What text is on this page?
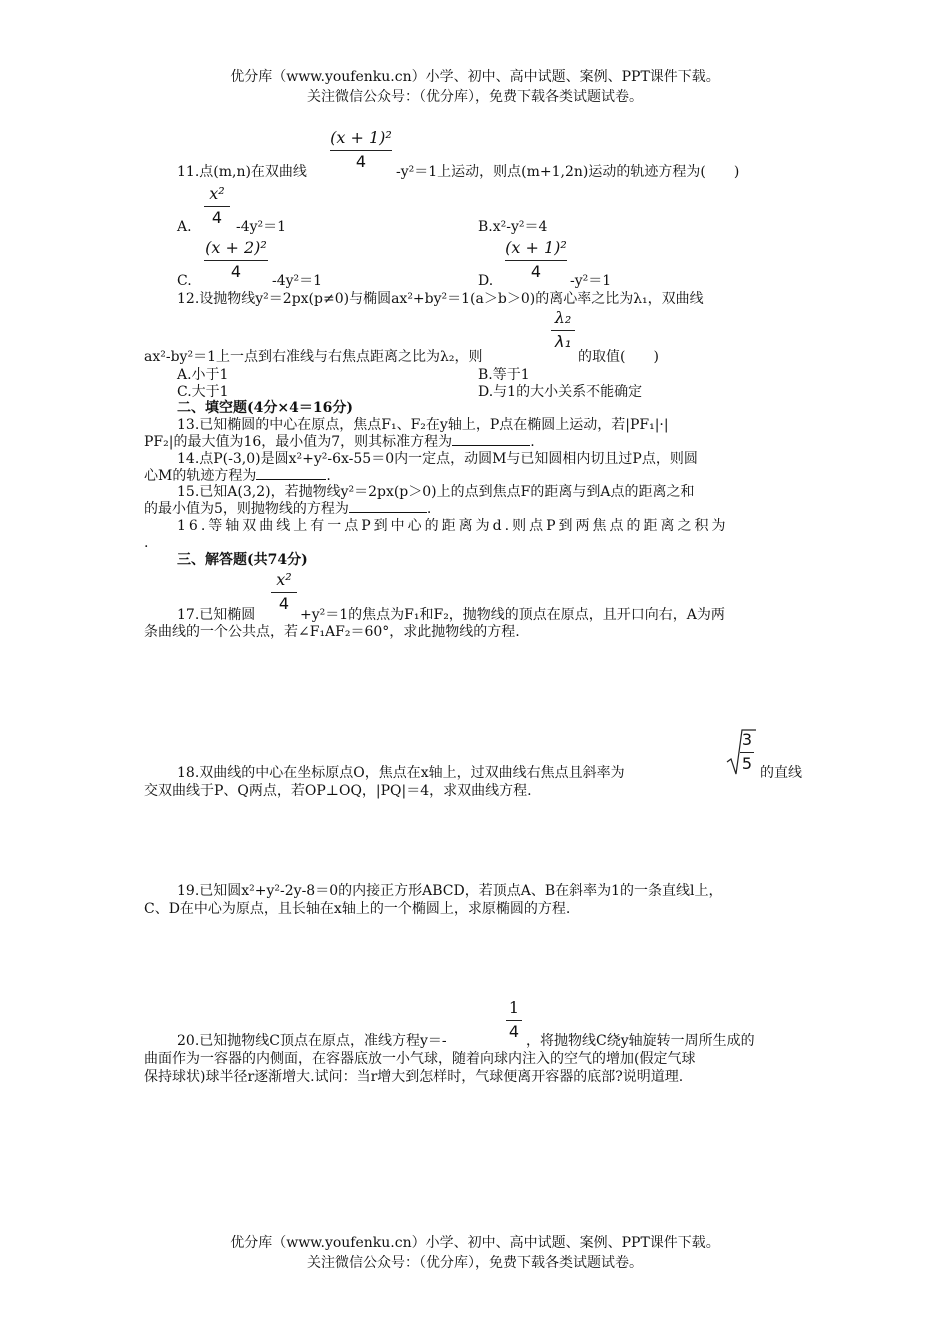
优分库（www.youfenku.cn）小学、初中、高中试题、案例、PPT课件下载。
关注微信公众号：（优分库），免费下载各类试题试卷。
(x + 1)²
4
11.点(m,n)在双曲线	-y²＝1上运动，则点(m+1,2n)运动的轨迹方程为(　　)
x²
4
A.	-4y²＝1	B.x²-y²＝4
(x + 2)²
4
C.	-4y²＝1
(x + 1)²
4
D.	-y²＝1
12.设抛物线y²＝2px(p≠0)与椭圆ax²+by²＝1(a＞b＞0)的离心率之比为λ₁，双曲线
λ₂
λ₁
ax²-by²＝1上一点到右准线与右焦点距离之比为λ₂，则	的取值(　　)
A.小于1	B.等于1
C.大于1	D.与1的大小关系不能确定
二、填空题(4分×4＝16分)
13.已知椭圆的中心在原点，焦点F₁、F₂在y轴上，P点在椭圆上运动，若|PF₁|·|
PF₂|的最大值为16，最小值为7，则其标准方程为	.
14.点P(-3,0)是圆x²+y²-6x-55＝0内一定点，动圆M与已知圆相内切且过P点，则圆
心M的轨迹方程为	.
15.已知A(3,2)，若抛物线y²＝2px(p＞0)上的点到焦点F的距离与到A点的距离之和
的最小值为5，则抛物线的方程为	.
16.等轴双曲线上有一点P到中心的距离为d.则点P到两焦点的距离之积为
.
三、解答题(共74分)
x²
4
17.已知椭圆	+y²＝1的焦点为F₁和F₂，抛物线的顶点在原点，且开口向右，A为两
条曲线的一个公共点，若∠F₁AF₂＝60°，求此抛物线的方程.
18.双曲线的中心在坐标原点O，焦点在x轴上，过双曲线右焦点且斜率为
3
5 的直线
交双曲线于P、Q两点，若OP⊥OQ，|PQ|＝4，求双曲线方程.
19.已知圆x²+y²-2y-8＝0的内接正方形ABCD，若顶点A、B在斜率为1的一条直线l上，
C、D在中心为原点，且长轴在x轴上的一个椭圆上，求原椭圆的方程.
1
4
20.已知抛物线C顶点在原点，准线方程y＝-	，将抛物线C绕y轴旋转一周所生成的
曲面作为一容器的内侧面，在容器底放一小气球，随着向球内注入的空气的增加(假定气球
保持球状)球半径r逐渐增大.试问：当r增大到怎样时，气球便离开容器的底部?说明道理.
优分库（www.youfenku.cn）小学、初中、高中试题、案例、PPT课件下载。
关注微信公众号：（优分库），免费下载各类试题试卷。
